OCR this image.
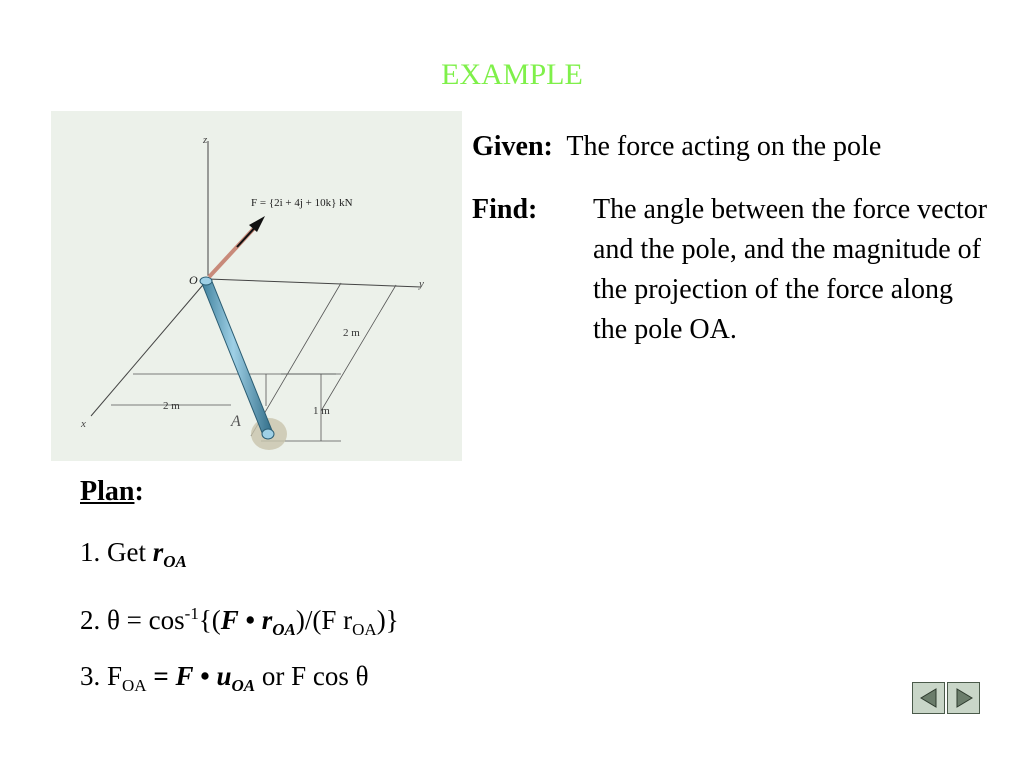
EXAMPLE
z
y
x
O
A
F = {2i + 4j + 10k} kN
2 m
2 m	1 m
Given: The force acting on the pole
Find: The angle between the force vector and the pole, and the magnitude of the projection of the force along the pole OA.
Plan:
1. Get $r_{OA}$
2. $\theta = \cos^{-1}\{(F$ • $r_{OA})/(F$ $r_{OA}$)}
3. $F_{OA} = F$ • $u_{OA}$ or F cos θ
